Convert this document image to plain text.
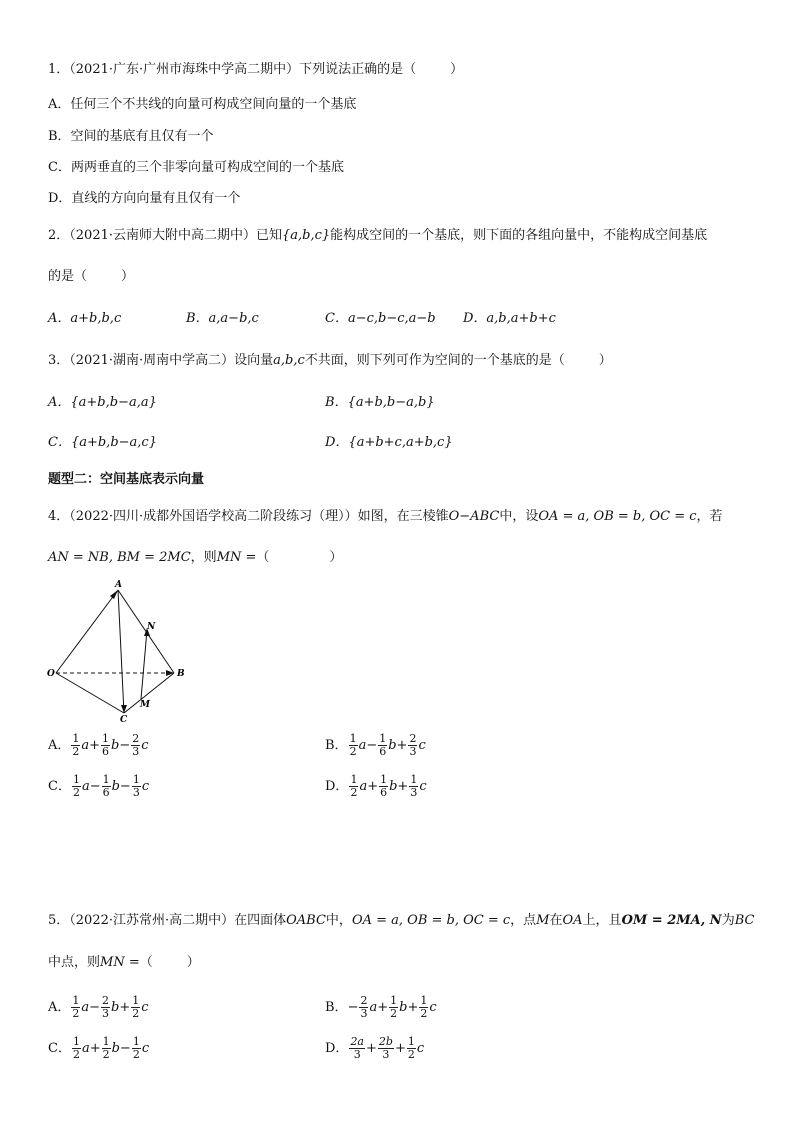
1．（2021·广东·广州市海珠中学高二期中）下列说法正确的是（	）
A．任何三个不共线的向量可构成空间向量的一个基底
B．空间的基底有且仅有一个
C．两两垂直的三个非零向量可构成空间的一个基底
D．直线的方向向量有且仅有一个
2．（2021·云南师大附中高二期中）已知{a,b,c}能构成空间的一个基底，则下面的各组向量中，不能构成空间基底
的是（	）
A．a+b,b,c	B．a,a−b,c	C．a−c,b−c,a−b D．a,b,a+b+c
3．（2021·湖南·周南中学高二）设向量a,b,c不共面，则下列可作为空间的一个基底的是（	）
A．{a+b,b−a,a}	B．{a+b,b−a,b}
C．{a+b,b−a,c}	D．{a+b+c,a+b,c}
题型二：空间基底表示向量
4．（2022·四川·成都外国语学校高二阶段练习（理））如图，在三棱锥O−ABC中，设OA = a, OB = b, OC = c，若
AN = NB, BM = 2MC，则MN =（	）
A
N
O	B
M
C
A． $\frac{1}{2} a+ \frac{1}{6} b- \frac{2}{3}$ c	B． $\frac{1}{2} a- \frac{1}{6} b+ \frac{2}{3}$ c
C． $\frac{1}{2} a- \frac{1}{6} b- \frac{1}{3}$ c	D． $\frac{1}{2} a+ \frac{1}{6} b+ \frac{1}{3}$ c
5．（2022·江苏常州·高二期中）在四面体OABC中，OA = a, OB = b, OC = c，点M在OA上，且OM = 2MA, N为BC
中点，则MN =（	）
A． $\frac{1}{2} a- \frac{2}{3} b+ \frac{1}{2}$ c	B．− $\frac{2}{3} a+ \frac{1}{2} b+ \frac{1}{2}$ c
C． $\frac{1}{2} a+ \frac{1}{2} b- \frac{1}{2}$ c	D． $\frac{2a}{3} + \frac{2b}{3} + \frac{1}{2}$ c
